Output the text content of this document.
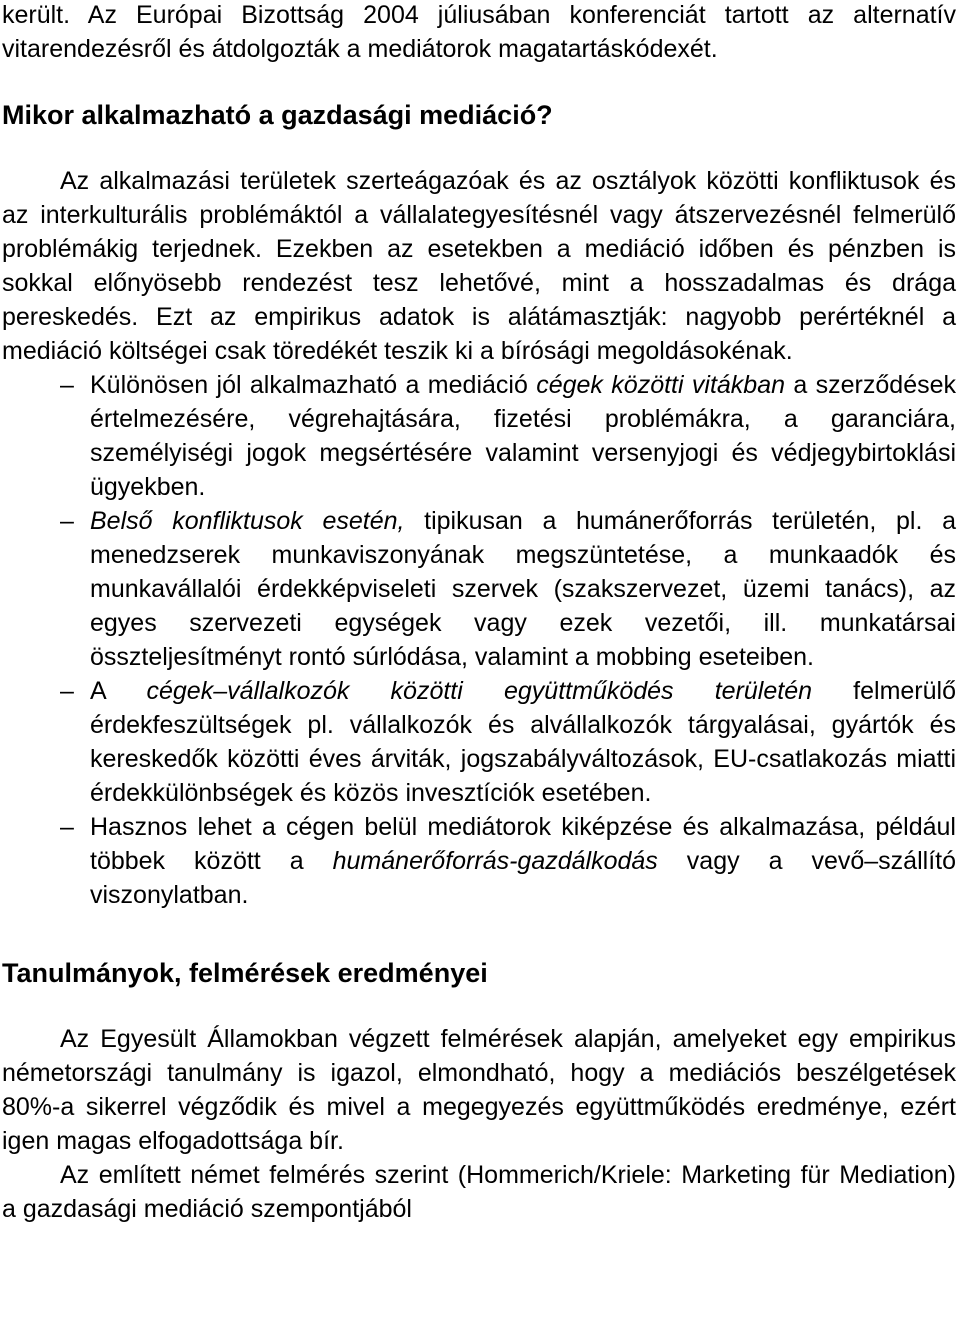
került. Az Európai Bizottság 2004 júliusában konferenciát tartott az alternatív vitarendezésről és átdolgozták a mediátorok magatartáskódexét.

Mikor alkalmazható a gazdasági mediáció?

Az alkalmazási területek szerteágazóak és az osztályok közötti konfliktusok és az interkulturális problémáktól a vállalategyesítésnél vagy átszervezésnél felmerülő problémákig terjednek. Ezekben az esetekben a mediáció időben és pénzben is sokkal előnyösebb rendezést tesz lehetővé, mint a hosszadalmas és drága pereskedés. Ezt az empirikus adatok is alátámasztják: nagyobb perértéknél a mediáció költségei csak töredékét teszik ki a bírósági megoldásokénak.

– Különösen jól alkalmazható a mediáció cégek közötti vitákban a szerződések értelmezésére, végrehajtására, fizetési problémákra, a garanciára, személyiségi jogok megsértésére valamint versenyjogi és védjegybirtoklási ügyekben.
– Belső konfliktusok esetén, tipikusan a humánerőforrás területén, pl. a menedzserek munkaviszonyának megszüntetése, a munkaadók és munkavállalói érdekképviseleti szervek (szakszervezet, üzemi tanács), az egyes szervezeti egységek vagy ezek vezetői, ill. munkatársai összteljesítményt rontó súrlódása, valamint a mobbing eseteiben.
– A cégek–vállalkozók közötti együttműködés területén felmerülő érdekfeszültségek pl. vállalkozók és alvállalkozók tárgyalásai, gyártók és kereskedők közötti éves árviták, jogszabályváltozások, EU-csatlakozás miatti érdekkülönbségek és közös invesztíciók esetében.
– Hasznos lehet a cégen belül mediátorok kiképzése és alkalmazása, például többek között a humánerőforrás-gazdálkodás vagy a vevő–szállító viszonylatban.
Tanulmányok, felmérések eredményei

Az Egyesült Államokban végzett felmérések alapján, amelyeket egy empirikus németországi tanulmány is igazol, elmondható, hogy a mediációs beszélgetések 80%-a sikerrel végződik és mivel a megegyezés együttműködés eredménye, ezért igen magas elfogadottsága bír.

Az említett német felmérés szerint (Hommerich/Kriele: Marketing für Mediation) a gazdasági mediáció szempontjából
